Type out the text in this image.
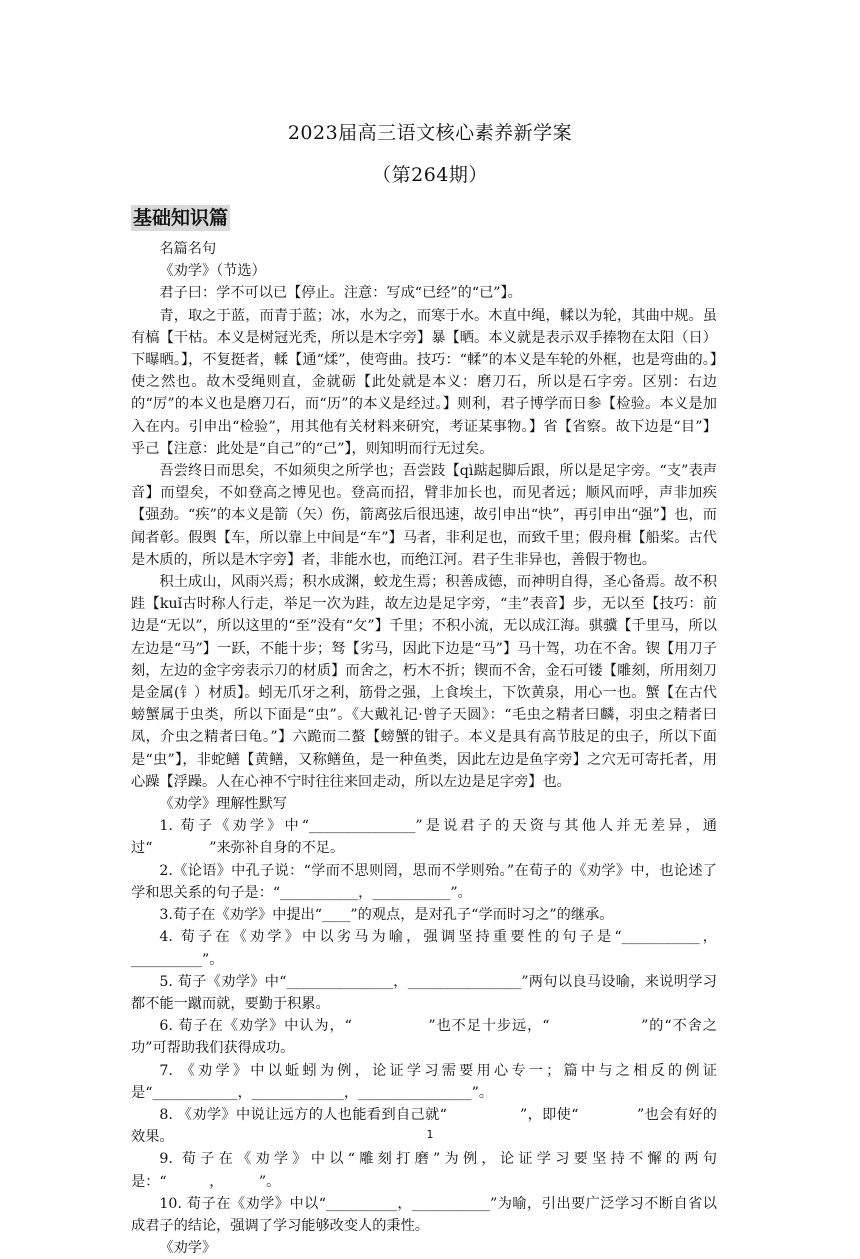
2023届高三语文核心素养新学案
（第264期）
基础知识篇

名篇名句

《劝学》（节选）

君子曰：学不可以已【停止。注意：写成“已经”的“已”】。

青，取之于蓝，而青于蓝；冰，水为之，而寒于水。木直中绳，輮以为轮，其曲中规。虽有槁【干枯。本义是树冠光秃，所以是木字旁】暴【晒。本义就是表示双手捧物在太阳（日）下曝晒。】，不复挺者，輮【通“煣”，使弯曲。技巧：“輮”的本义是车轮的外框，也是弯曲的。】使之然也。故木受绳则直，金就砺【此处就是本义：磨刀石，所以是石字旁。区别：右边的“厉”的本义也是磨刀石，而“历”的本义是经过。】则利，君子博学而日参【检验。本义是加入在内。引申出“检验”，用其他有关材料来研究，考证某事物。】省【省察。故下边是“目”】乎己【注意：此处是“自己”的“己”】，则知明而行无过矣。

吾尝终日而思矣，不如须臾之所学也；吾尝跂【qì踮起脚后跟，所以是足字旁。“支”表声音】而望矣，不如登高之博见也。登高而招，臂非加长也，而见者远；顺风而呼，声非加疾【强劲。“疾”的本义是箭（矢）伤，箭离弦后很迅速，故引申出“快”，再引申出“强”】也，而闻者彰。假舆【车，所以靠上中间是“车”】马者，非利足也，而致千里；假舟楫【船桨。古代是木质的，所以是木字旁】者，非能水也，而绝江河。君子生非异也，善假于物也。

积土成山，风雨兴焉；积水成渊，蛟龙生焉；积善成德，而神明自得，圣心备焉。故不积跬【kuǐ古时称人行走，举足一次为跬，故左边是足字旁，“圭”表音】步，无以至【技巧：前边是“无以”，所以这里的“至”没有“攵”】千里；不积小流，无以成江海。骐骥【千里马，所以左边是“马”】一跃，不能十步；驽【劣马，因此下边是“马”】马十驾，功在不舍。锲【用刀子刻，左边的金字旁表示刀的材质】而舍之，朽木不折；锲而不舍，金石可镂【雕刻，所用刻刀是金属(钅）材质】。蚓无爪牙之利，筋骨之强，上食埃土，下饮黄泉，用心一也。蟹【在古代螃蟹属于虫类，所以下面是“虫”。《大戴礼记·曾子天圆》：“毛虫之精者曰麟，羽虫之精者曰凤，介虫之精者曰龟。”】六跪而二螯【螃蟹的钳子。本义是具有高节肢足的虫子，所以下面是“虫”】，非蛇鳝【黄鳝，又称鳝鱼，是一种鱼类，因此左边是鱼字旁】之穴无可寄托者，用心躁【浮躁。人在心神不宁时往往来回走动，所以左边是足字旁】也。

《劝学》理解性默写

1. 荀子《劝学》中“_______________”是说君子的天资与其他人并无差异，通过“　　　　”来弥补自身的不足。

2.《论语》中孔子说：“学而不思则罔，思而不学则殆。”在荀子的《劝学》中，也论述了学和思关系的句子是：“___________，___________”。

3.荀子在《劝学》中提出“____”的观点，是对孔子“学而时习之”的继承。

4. 荀子在《劝学》中以劣马为喻，强调坚持重要性的句子是“___________，__________”。

5. 荀子《劝学》中“_______________，________________”两句以良马设喻，来说明学习都不能一蹴而就，要勤于积累。

6. 荀子在《劝学》中认为，“　　　　　”也不足十步远，“　　　　　　”的“不舍之功”可帮助我们获得成功。

7. 《劝学》中以蚯蚓为例，论证学习需要用心专一；篇中与之相反的例证是“____________，_____________，________________”。

8. 《劝学》中说让远方的人也能看到自己就“　　　　　”，即使“　　　　”也会有好的效果。

9. 荀子在《劝学》中以“雕刻打磨”为例，论证学习要坚持不懈的两句是：“　　　，　　　”。

10. 荀子在《劝学》中以“__________，___________”为喻，引出要广泛学习不断自省以成君子的结论，强调了学习能够改变人的秉性。

《劝学》

1
